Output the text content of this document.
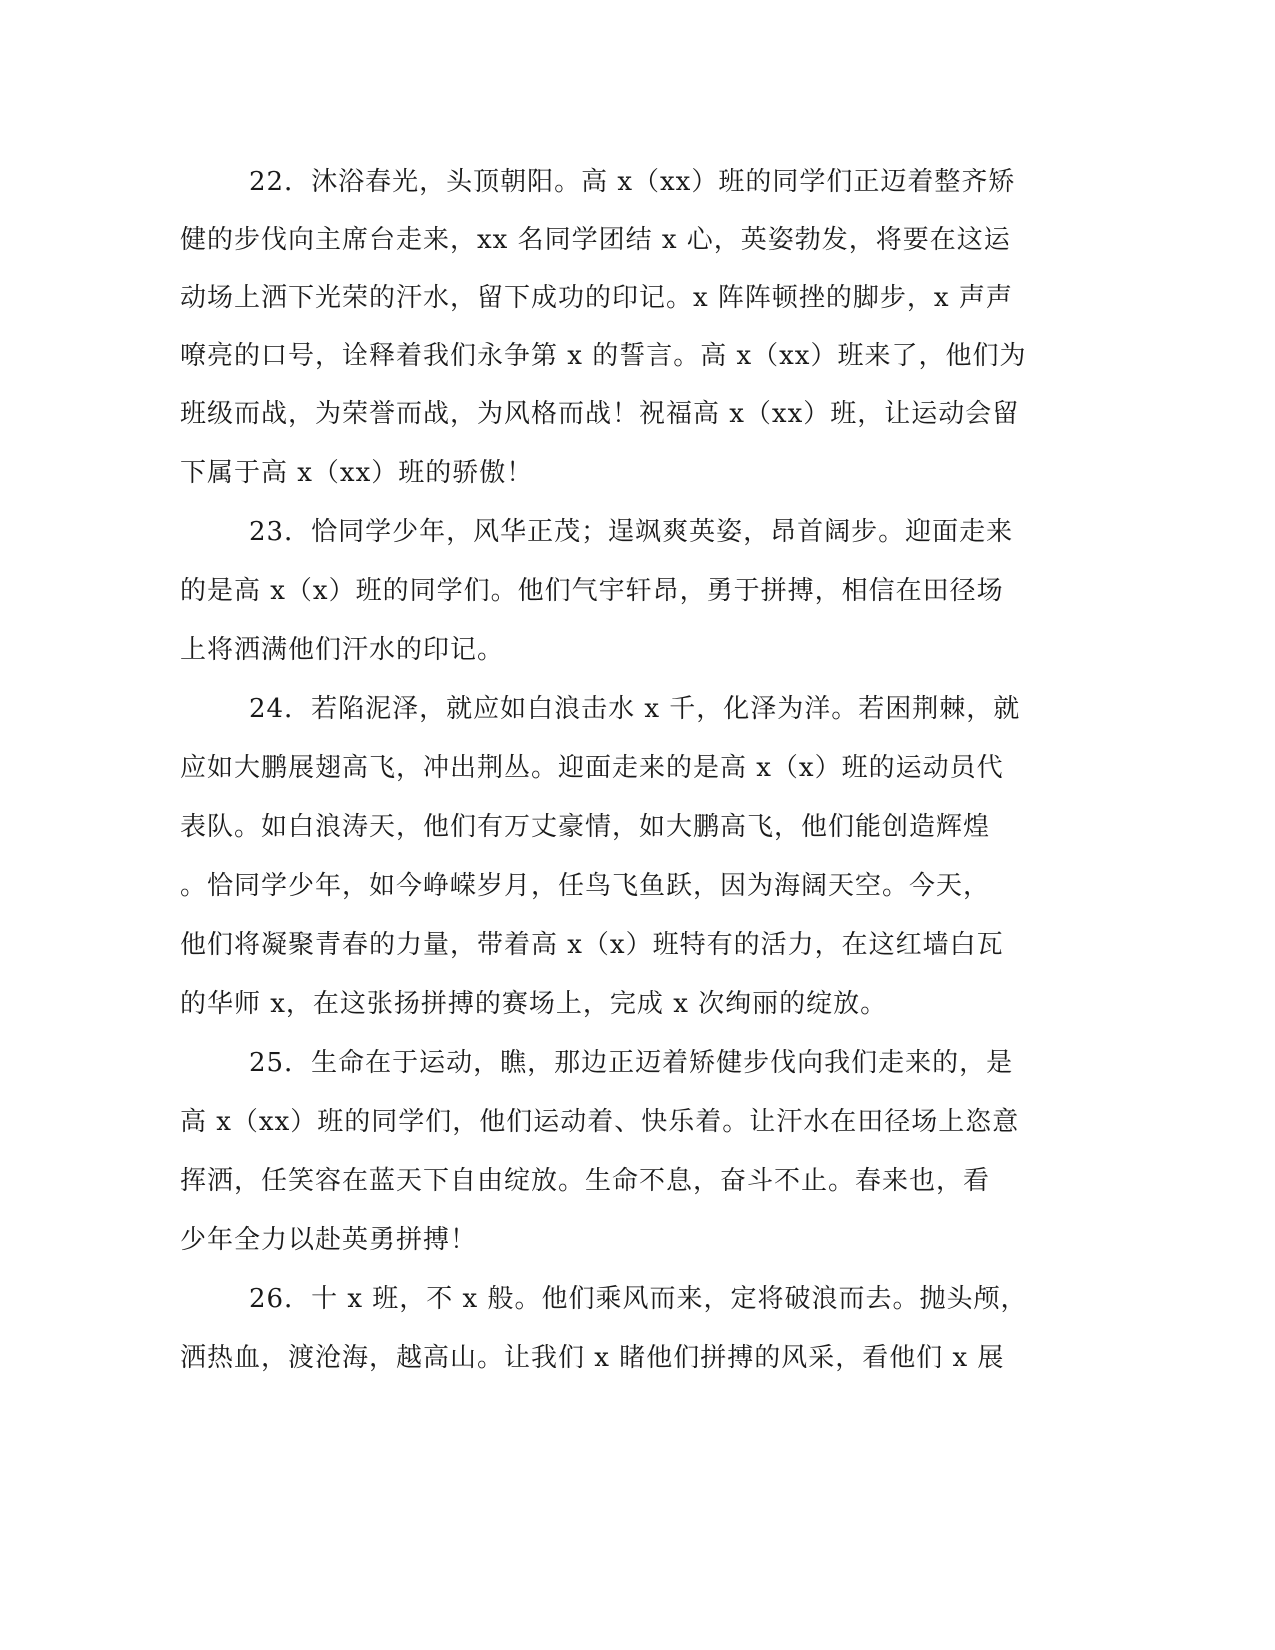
22．沐浴春光，头顶朝阳。高 x（xx）班的同学们正迈着整齐矫
健的步伐向主席台走来，xx 名同学团结 x 心，英姿勃发，将要在这运
动场上洒下光荣的汗水，留下成功的印记。x 阵阵顿挫的脚步，x 声声
嘹亮的口号，诠释着我们永争第 x 的誓言。高 x（xx）班来了，他们为
班级而战，为荣誉而战，为风格而战！祝福高 x（xx）班，让运动会留
下属于高 x（xx）班的骄傲！
23．恰同学少年，风华正茂；逞飒爽英姿，昂首阔步。迎面走来
的是高 x（x）班的同学们。他们气宇轩昂，勇于拼搏，相信在田径场
上将洒满他们汗水的印记。
24．若陷泥泽，就应如白浪击水 x 千，化泽为洋。若困荆棘，就
应如大鹏展翅高飞，冲出荆丛。迎面走来的是高 x（x）班的运动员代
表队。如白浪涛天，他们有万丈豪情，如大鹏高飞，他们能创造辉煌
。恰同学少年，如今峥嵘岁月，任鸟飞鱼跃，因为海阔天空。今天，
他们将凝聚青春的力量，带着高 x（x）班特有的活力，在这红墙白瓦
的华师 x，在这张扬拼搏的赛场上，完成 x 次绚丽的绽放。
25．生命在于运动，瞧，那边正迈着矫健步伐向我们走来的，是
高 x（xx）班的同学们，他们运动着、快乐着。让汗水在田径场上恣意
挥洒，任笑容在蓝天下自由绽放。生命不息，奋斗不止。春来也，看
少年全力以赴英勇拼搏！
26．十 x 班，不 x 般。他们乘风而来，定将破浪而去。抛头颅，
洒热血，渡沧海，越高山。让我们 x 睹他们拼搏的风采，看他们 x 展
